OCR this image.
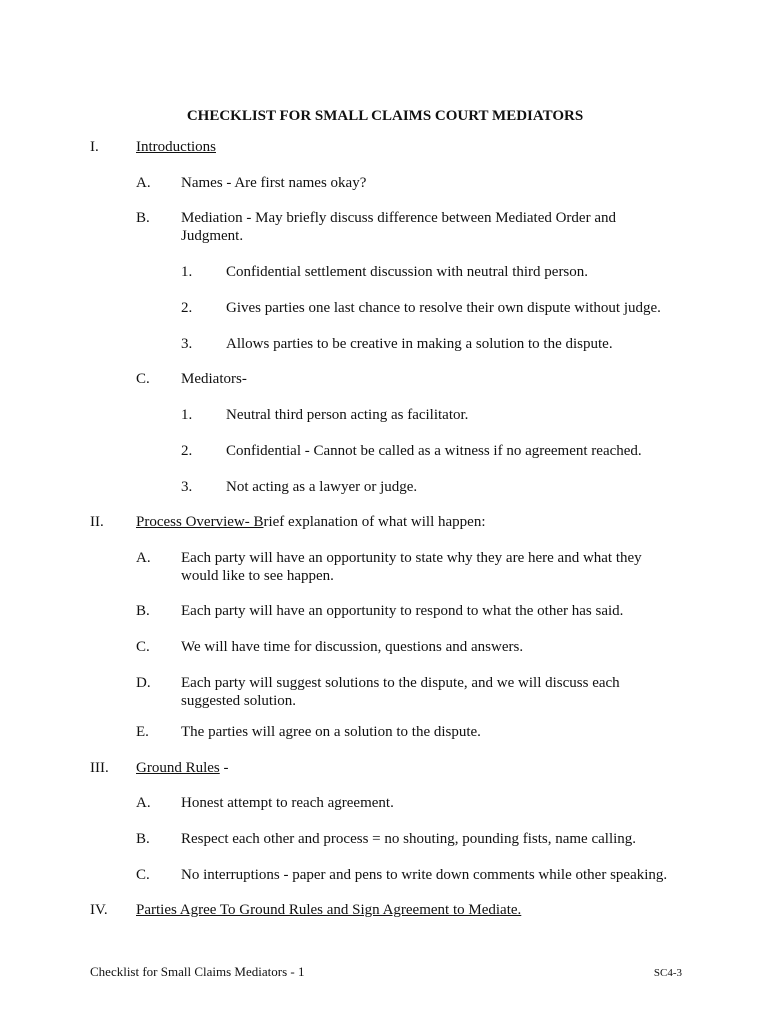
CHECKLIST FOR SMALL CLAIMS COURT MEDIATORS
I. Introductions
A. Names - Are first names okay?
B. Mediation - May briefly discuss difference between Mediated Order and Judgment.
1. Confidential settlement discussion with neutral third person.
2. Gives parties one last chance to resolve their own dispute without judge.
3. Allows parties to be creative in making a solution to the dispute.
C. Mediators-
1. Neutral third person acting as facilitator.
2. Confidential - Cannot be called as a witness if no agreement reached.
3. Not acting as a lawyer or judge.
II. Process Overview- Brief explanation of what will happen:
A. Each party will have an opportunity to state why they are here and what they would like to see happen.
B. Each party will have an opportunity to respond to what the other has said.
C. We will have time for discussion, questions and answers.
D. Each party will suggest solutions to the dispute, and we will discuss each suggested solution.
E. The parties will agree on a solution to the dispute.
III. Ground Rules -
A. Honest attempt to reach agreement.
B. Respect each other and process = no shouting, pounding fists, name calling.
C. No interruptions - paper and pens to write down comments while other speaking.
IV. Parties Agree To Ground Rules and Sign Agreement to Mediate.
Checklist for Small Claims Mediators - 1	SC4-3
